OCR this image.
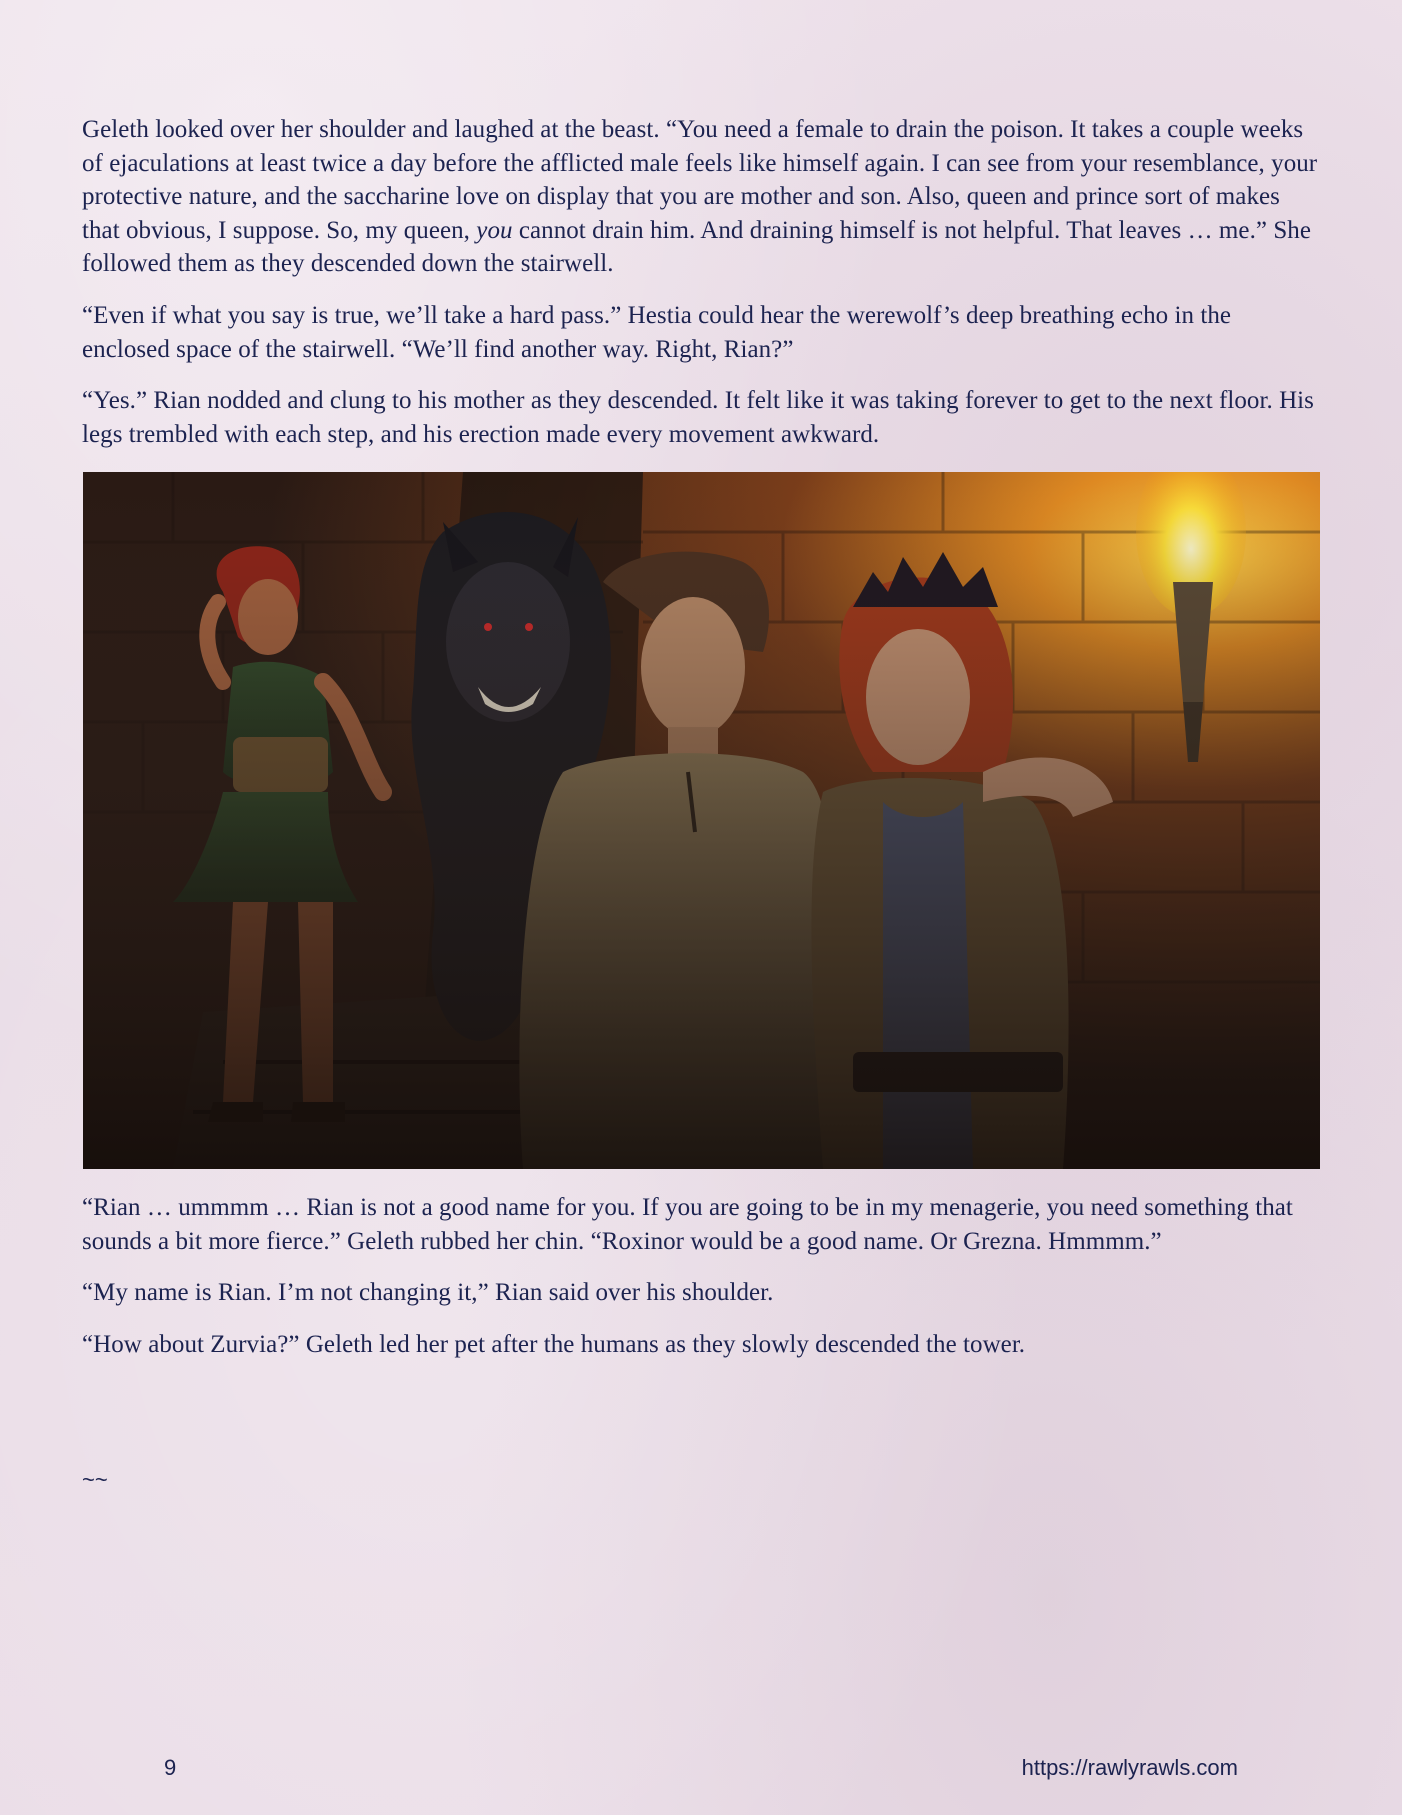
Geleth looked over her shoulder and laughed at the beast. “You need a female to drain the poison. It takes a couple weeks of ejaculations at least twice a day before the afflicted male feels like himself again. I can see from your resemblance, your protective nature, and the saccharine love on display that you are mother and son. Also, queen and prince sort of makes that obvious, I suppose. So, my queen, you cannot drain him. And draining himself is not helpful. That leaves … me.” She followed them as they descended down the stairwell.

“Even if what you say is true, we’ll take a hard pass.” Hestia could hear the werewolf’s deep breathing echo in the enclosed space of the stairwell. “We’ll find another way. Right, Rian?”

“Yes.” Rian nodded and clung to his mother as they descended. It felt like it was taking forever to get to the next floor. His legs trembled with each step, and his erection made every movement awkward.

“Rian … ummmm … Rian is not a good name for you. If you are going to be in my menagerie, you need something that sounds a bit more fierce.” Geleth rubbed her chin. “Roxinor would be a good name. Or Grezna. Hmmmm.”

“My name is Rian. I’m not changing it,” Rian said over his shoulder.

“How about Zurvia?” Geleth led her pet after the humans as they slowly descended the tower.

~~
9	https://rawlyrawls.com
